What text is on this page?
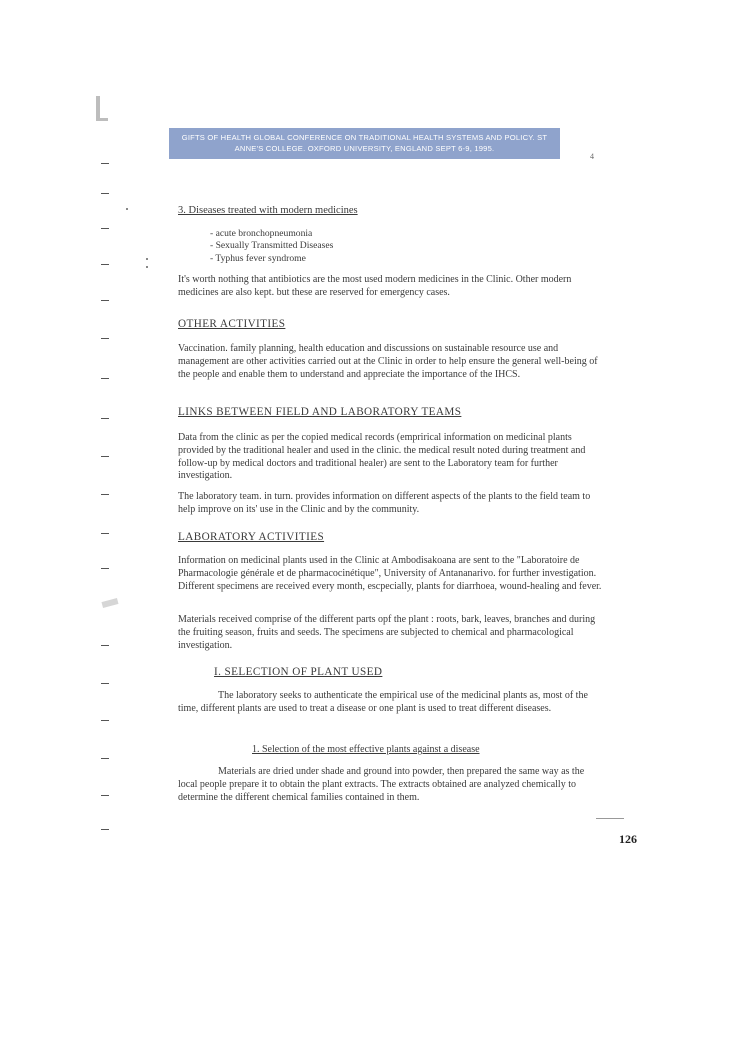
GIFTS OF HEALTH GLOBAL CONFERENCE ON TRADITIONAL HEALTH SYSTEMS AND POLICY. ST
ANNE'S COLLEGE. OXFORD UNIVERSITY, ENGLAND SEPT 6-9, 1995.
4
3. Diseases treated with modern medicines
- acute bronchopneumonia
- Sexually Transmitted Diseases
- Typhus fever syndrome
It's worth nothing that antibiotics are the most used modern medicines in the Clinic. Other modern medicines are also kept. but these are reserved for emergency cases.
OTHER ACTIVITIES
Vaccination. family planning, health education and discussions on sustainable resource use and management are other activities carried out at the Clinic in order to help ensure the general well-being of the people and enable them to understand and appreciate the importance of the IHCS.
LINKS BETWEEN FIELD AND LABORATORY TEAMS
Data from the clinic as per the copied medical records (emprirical information on medicinal plants provided by the traditional healer and used in the clinic. the medical result noted during treatment and follow-up by medical doctors and traditional healer) are sent to the Laboratory team for further investigation.
The laboratory team. in turn. provides information on different aspects of the plants to the field team to help improve on its' use in the Clinic and by the community.
LABORATORY ACTIVITIES
Information on medicinal plants used in the Clinic at Ambodisakoana are sent to the "Laboratoire de Pharmacologie générale et de pharmacocinétique", University of Antananarivo. for further investigation. Different specimens are received every month, escpecially, plants for diarrhoea, wound-healing and fever.
Materials received comprise of the different parts opf the plant : roots, bark, leaves, branches and during the fruiting season, fruits and seeds. The specimens are subjected to chemical and pharmacological investigation.
I. SELECTION OF PLANT USED
The laboratory seeks to authenticate the empirical use of the medicinal plants as, most of the time, different plants are used to treat a disease or one plant is used to treat different diseases.
1. Selection of the most effective plants against a disease
Materials are dried under shade and ground into powder, then prepared the same way as the local people prepare it to obtain the plant extracts. The extracts obtained are analyzed chemically to determine the different chemical families contained in them.
126
